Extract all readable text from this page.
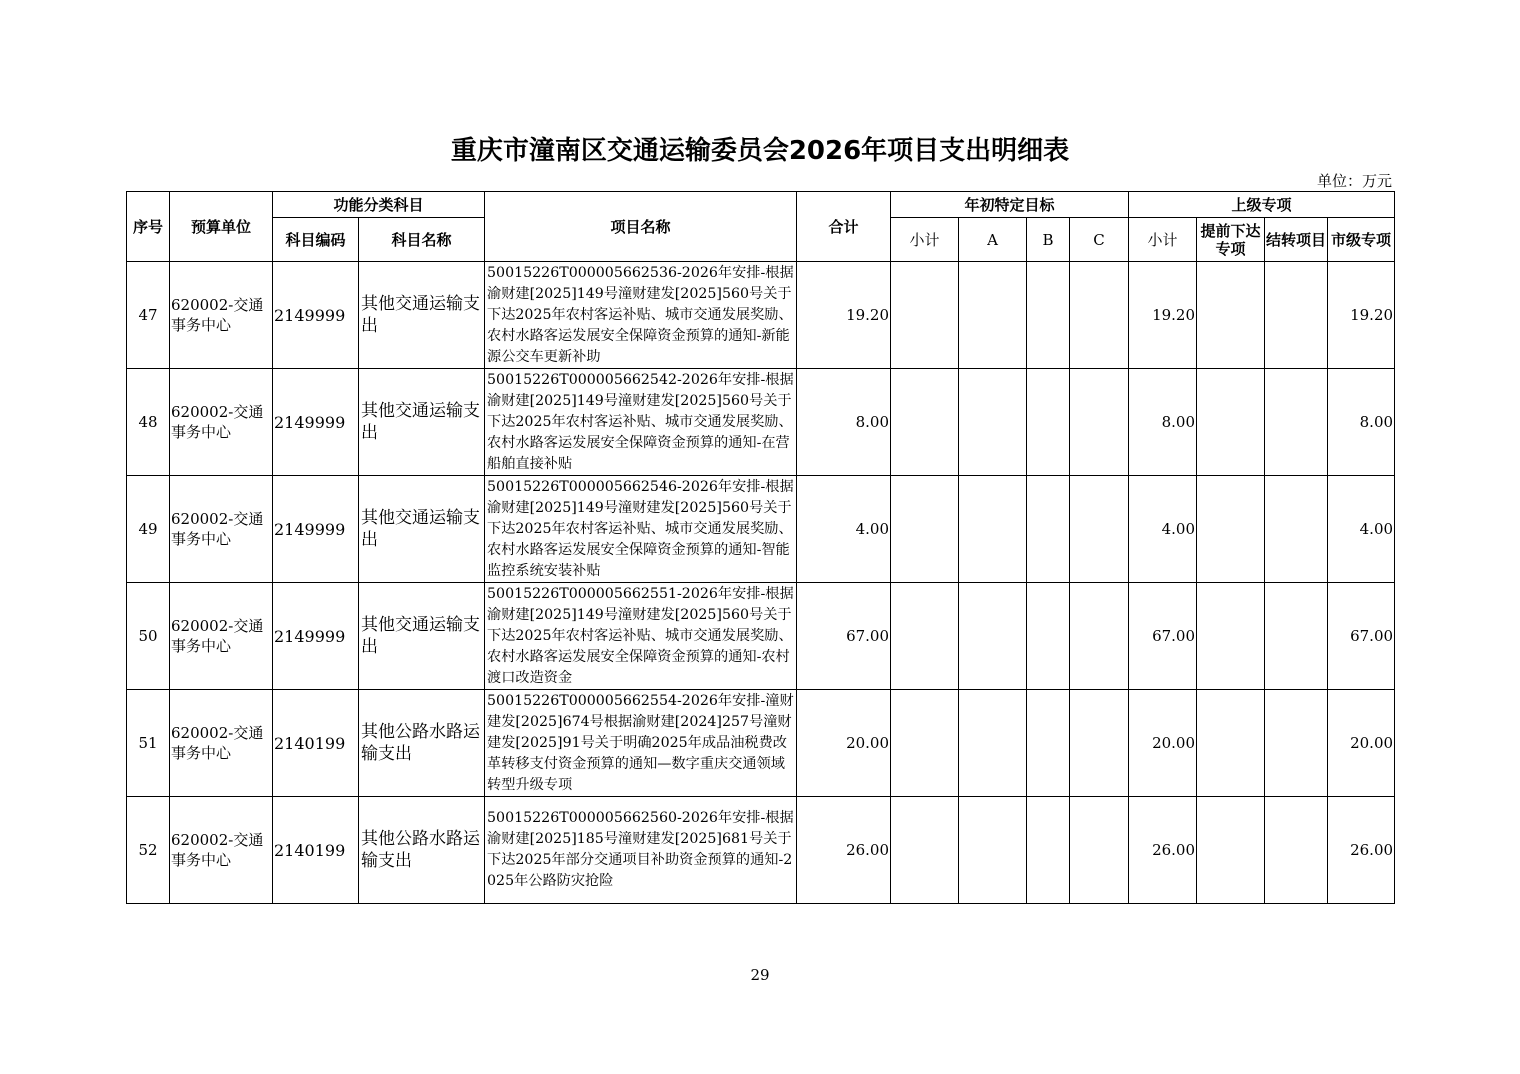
重庆市潼南区交通运输委员会2026年项目支出明细表
单位：万元
序号	预算单位	功能分类科目		项目名称	合计	年初特定目标				上级专项			
		科目编码	科目名称			小计	A	B	C	小计	提前下达专项	结转项目	市级专项
47	620002-交通事务中心	2149999	其他交通运输支出	50015226T000005662536-2026年安排-根据渝财建[2025]149号潼财建发[2025]560号关于下达2025年农村客运补贴、城市交通发展奖励、农村水路客运发展安全保障资金预算的通知-新能源公交车更新补助	19.20					19.20			19.20
48	620002-交通事务中心	2149999	其他交通运输支出	50015226T000005662542-2026年安排-根据渝财建[2025]149号潼财建发[2025]560号关于下达2025年农村客运补贴、城市交通发展奖励、农村水路客运发展安全保障资金预算的通知-在营船舶直接补贴	8.00					8.00			8.00
49	620002-交通事务中心	2149999	其他交通运输支出	50015226T000005662546-2026年安排-根据渝财建[2025]149号潼财建发[2025]560号关于下达2025年农村客运补贴、城市交通发展奖励、农村水路客运发展安全保障资金预算的通知-智能监控系统安装补贴	4.00					4.00			4.00
50	620002-交通事务中心	2149999	其他交通运输支出	50015226T000005662551-2026年安排-根据渝财建[2025]149号潼财建发[2025]560号关于下达2025年农村客运补贴、城市交通发展奖励、农村水路客运发展安全保障资金预算的通知-农村渡口改造资金	67.00					67.00			67.00
51	620002-交通事务中心	2140199	其他公路水路运输支出	50015226T000005662554-2026年安排-潼财建发[2025]674号根据渝财建[2024]257号潼财建发[2025]91号关于明确2025年成品油税费改革转移支付资金预算的通知—数字重庆交通领域转型升级专项	20.00					20.00			20.00
52	620002-交通事务中心	2140199	其他公路水路运输支出	50015226T000005662560-2026年安排-根据渝财建[2025]185号潼财建发[2025]681号关于下达2025年部分交通项目补助资金预算的通知-2025年公路防灾抢险	26.00					26.00			26.00
29
